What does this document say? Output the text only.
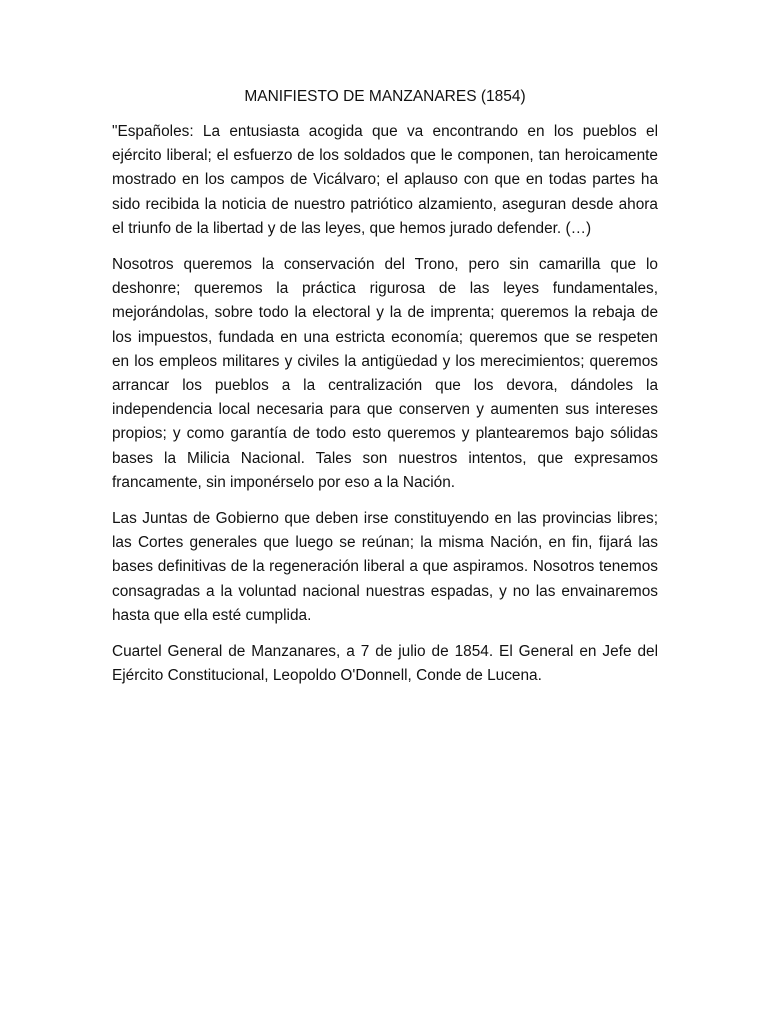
MANIFIESTO DE MANZANARES (1854)

"Españoles: La entusiasta acogida que va encontrando en los pueblos el ejército liberal; el esfuerzo de los soldados que le componen, tan heroicamente mostrado en los campos de Vicálvaro; el aplauso con que en todas partes ha sido recibida la noticia de nuestro patriótico alzamiento, aseguran desde ahora el triunfo de la libertad y de las leyes, que hemos jurado defender. (…)

Nosotros queremos la conservación del Trono, pero sin camarilla que lo deshonre; queremos la práctica rigurosa de las leyes fundamentales, mejorándolas, sobre todo la electoral y la de imprenta; queremos la rebaja de los impuestos, fundada en una estricta economía; queremos que se respeten en los empleos militares y civiles la antigüedad y los merecimientos; queremos arrancar los pueblos a la centralización que los devora, dándoles la independencia local necesaria para que conserven y aumenten sus intereses propios; y como garantía de todo esto queremos y plantearemos bajo sólidas bases la Milicia Nacional. Tales son nuestros intentos, que expresamos francamente, sin imponérselo por eso a la Nación.

Las Juntas de Gobierno que deben irse constituyendo en las provincias libres; las Cortes generales que luego se reúnan; la misma Nación, en fin, fijará las bases definitivas de la regeneración liberal a que aspiramos. Nosotros tenemos consagradas a la voluntad nacional nuestras espadas, y no las envainaremos hasta que ella esté cumplida.

Cuartel General de Manzanares, a 7 de julio de 1854. El General en Jefe del Ejército Constitucional, Leopoldo O'Donnell, Conde de Lucena.
